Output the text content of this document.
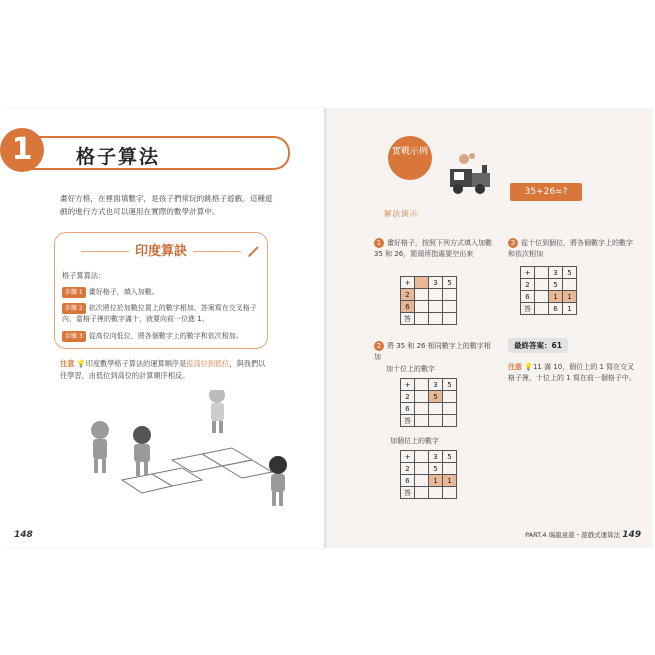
1	格子算法
畫好方格，在裡面填數字，是孩子們常玩的跳格子遊戲。這種遊戲的進行方式也可以運用在實際的數學計算中。
印度算訣
格子算算法：
步驟 1 畫好格子，填入加數。
步驟 2 依次將位於加數位置上的數字相加，答案寫在交叉格子內，當格子裡的數字滿十，就要向前一位進 1。
步驟 3 從高位向低位，將各個數字上的數字和依次相加。
注意 💡印度數學格子算法的運算順序是從高位到低位，與我們以往學習，由低位到高位的計算順序相反。
148
實戰示例
35+26=?
解法演示
1 畫好格子，按照下列方式填入加數 35 和 26，箭頭所指處要空出來
3 從十位到個位，將各個數字上的數字和依次相加
+		3	5
2			
6			
答			
+		3	5
2		5	
6		1	1
答		6	1
最終答案：61
注意 💡11 滿 10，個位上的 1 寫在交叉格子裡，十位上的 1 寫在前一個格子中。
2 將 35 和 26 相同數字上的數字相加
加十位上的數字
+		3	5
2		5	
6			
答			
加個位上的數字
+		3	5
2		5	
6		1	1
答			
PART.4 瑞龍童遊・遊戲式運算法 149
